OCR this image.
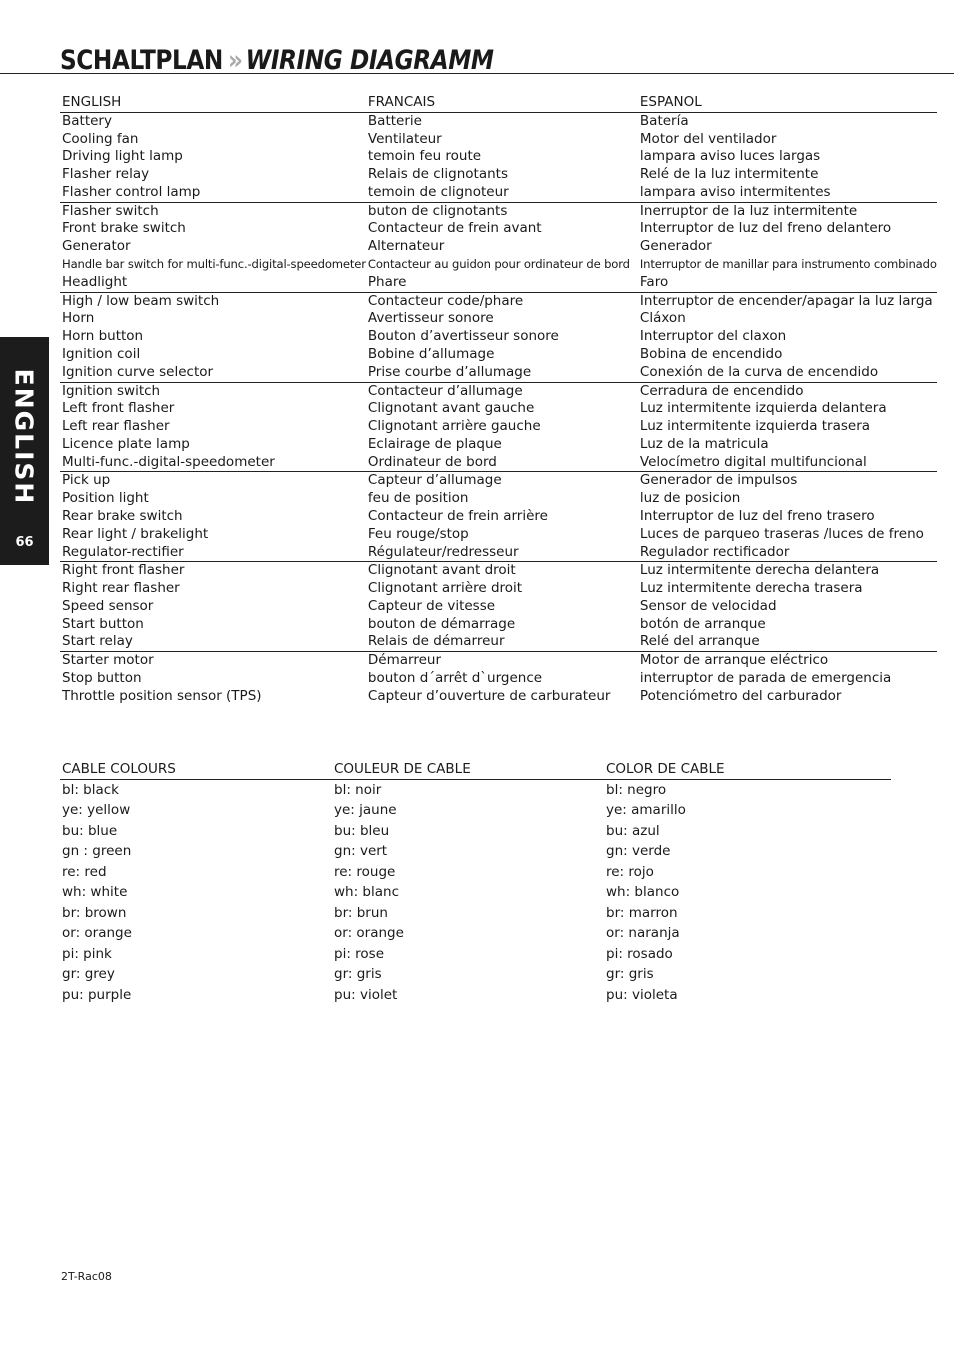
SCHALTPLAN » WIRING DIAGRAMM
ENGLISH
66
ENGLISH	FRANCAIS	ESPANOL
Battery	Batterie	Batería
Cooling fan	Ventilateur	Motor del ventilador
Driving light lamp	temoin feu route	lampara aviso luces largas
Flasher relay	Relais de clignotants	Relé de la luz intermitente
Flasher control lamp	temoin de clignoteur	lampara aviso intermitentes
Flasher switch	buton de clignotants	Inerruptor de la luz intermitente
Front brake switch	Contacteur de frein avant	Interruptor de luz del freno delantero
Generator	Alternateur	Generador
Handle bar switch for multi-func.-digital-speedometer	Contacteur au guidon pour ordinateur de bord	Interruptor de manillar para instrumento combinado
Headlight	Phare	Faro
High / low beam switch	Contacteur code/phare	Interruptor de encender/apagar la luz larga
Horn	Avertisseur sonore	Cláxon
Horn button	Bouton d’avertisseur sonore	Interruptor del claxon
Ignition coil	Bobine d’allumage	Bobina de encendido
Ignition curve selector	Prise courbe d’allumage	Conexión de la curva de encendido
Ignition switch	Contacteur d’allumage	Cerradura de encendido
Left front flasher	Clignotant avant gauche	Luz intermitente izquierda delantera
Left rear flasher	Clignotant arrière gauche	Luz intermitente izquierda trasera
Licence plate lamp	Eclairage de plaque	Luz de la matricula
Multi-func.-digital-speedometer	Ordinateur de bord	Velocímetro digital multifuncional
Pick up	Capteur d’allumage	Generador de impulsos
Position light	feu de position	luz de posicion
Rear brake switch	Contacteur de frein arrière	Interruptor de luz del freno trasero
Rear light / brakelight	Feu rouge/stop	Luces de parqueo traseras /luces de freno
Regulator-rectifier	Régulateur/redresseur	Regulador rectificador
Right front flasher	Clignotant avant droit	Luz intermitente derecha delantera
Right rear flasher	Clignotant arrière droit	Luz intermitente derecha trasera
Speed sensor	Capteur de vitesse	Sensor de velocidad
Start button	bouton de démarrage	botón de arranque
Start relay	Relais de démarreur	Relé del arranque
Starter motor	Démarreur	Motor de arranque eléctrico
Stop button	bouton d´arrêt d`urgence	interruptor de parada de emergencia
Throttle position sensor (TPS)	Capteur d’ouverture de carburateur	Potenciómetro del carburador
CABLE COLOURS	COULEUR DE CABLE	COLOR DE CABLE
bl: black	bl: noir	bl: negro
ye: yellow	ye: jaune	ye: amarillo
bu: blue	bu: bleu	bu: azul
gn : green	gn: vert	gn: verde
re: red	re: rouge	re: rojo
wh: white	wh: blanc	wh: blanco
br: brown	br: brun	br: marron
or: orange	or: orange	or: naranja
pi: pink	pi: rose	pi: rosado
gr: grey	gr: gris	gr: gris
pu: purple	pu: violet	pu: violeta
2T-Rac08
